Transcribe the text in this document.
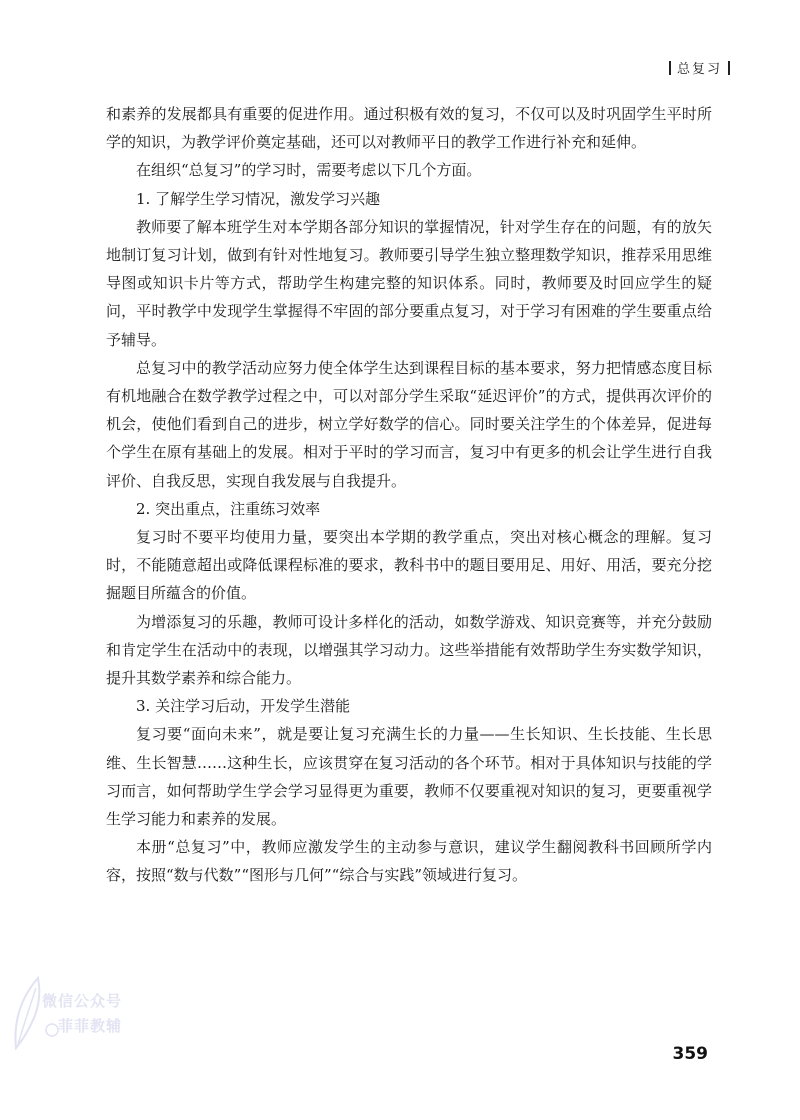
总复习

和素养的发展都具有重要的促进作用。通过积极有效的复习，不仅可以及时巩固学生平时所学的知识，为教学评价奠定基础，还可以对教师平日的教学工作进行补充和延伸。

在组织“总复习”的学习时，需要考虑以下几个方面。

1. 了解学生学习情况，激发学习兴趣

教师要了解本班学生对本学期各部分知识的掌握情况，针对学生存在的问题，有的放矢地制订复习计划，做到有针对性地复习。教师要引导学生独立整理数学知识，推荐采用思维导图或知识卡片等方式，帮助学生构建完整的知识体系。同时，教师要及时回应学生的疑问，平时教学中发现学生掌握得不牢固的部分要重点复习，对于学习有困难的学生要重点给予辅导。

总复习中的教学活动应努力使全体学生达到课程目标的基本要求，努力把情感态度目标有机地融合在数学教学过程之中，可以对部分学生采取“延迟评价”的方式，提供再次评价的机会，使他们看到自己的进步，树立学好数学的信心。同时要关注学生的个体差异，促进每个学生在原有基础上的发展。相对于平时的学习而言，复习中有更多的机会让学生进行自我评价、自我反思，实现自我发展与自我提升。

2. 突出重点，注重练习效率

复习时不要平均使用力量，要突出本学期的教学重点，突出对核心概念的理解。复习时，不能随意超出或降低课程标准的要求，教科书中的题目要用足、用好、用活，要充分挖掘题目所蕴含的价值。

为增添复习的乐趣，教师可设计多样化的活动，如数学游戏、知识竞赛等，并充分鼓励和肯定学生在活动中的表现，以增强其学习动力。这些举措能有效帮助学生夯实数学知识，提升其数学素养和综合能力。

3. 关注学习后动，开发学生潜能

复习要“面向未来”，就是要让复习充满生长的力量——生长知识、生长技能、生长思维、生长智慧……这种生长，应该贯穿在复习活动的各个环节。相对于具体知识与技能的学习而言，如何帮助学生学会学习显得更为重要，教师不仅要重视对知识的复习，更要重视学生学习能力和素养的发展。

本册“总复习”中，教师应激发学生的主动参与意识，建议学生翻阅教科书回顾所学内容，按照“数与代数”“图形与几何”“综合与实践”领域进行复习。

微信公众号
菲菲教辅
359
